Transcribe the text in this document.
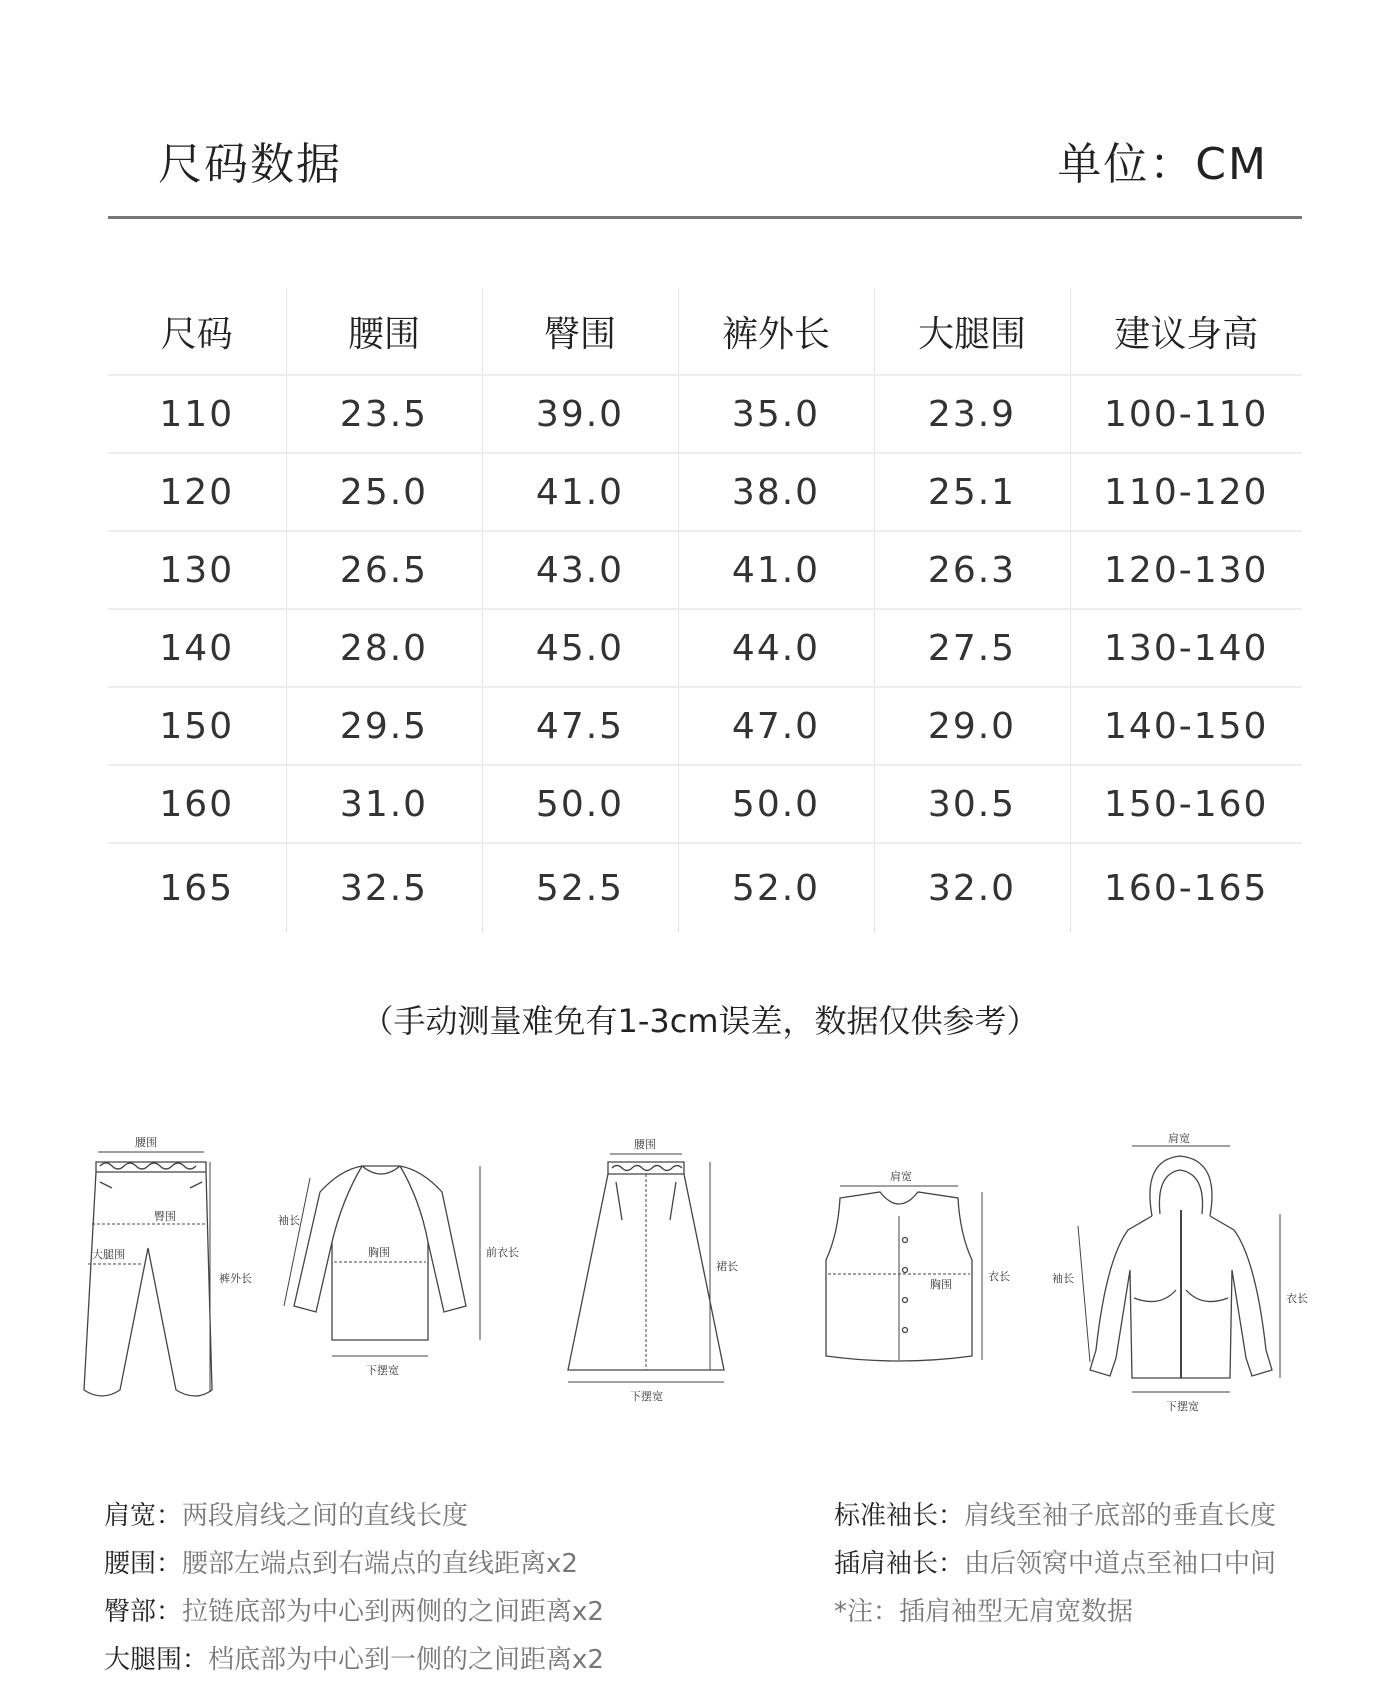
尺码数据	单位：CM
尺码	腰围	臀围	裤外长	大腿围	建议身高
110	23.5	39.0	35.0	23.9	100-110
120	25.0	41.0	38.0	25.1	110-120
130	26.5	43.0	41.0	26.3	120-130
140	28.0	45.0	44.0	27.5	130-140
150	29.5	47.5	47.0	29.0	140-150
160	31.0	50.0	50.0	30.5	150-160
165	32.5	52.5	52.0	32.0	160-165
（手动测量难免有1-3cm误差，数据仅供参考）
腰围
臀围
大腿围
裤外长
胸围
袖长
前衣长
下摆宽
腰围
裙长
下摆宽
肩宽
胸围
衣长
肩宽
袖长
衣长
下摆宽
肩宽：两段肩线之间的直线长度
腰围：腰部左端点到右端点的直线距离x2
臀部：拉链底部为中心到两侧的之间距离x2
大腿围：档底部为中心到一侧的之间距离x2
标准袖长：肩线至袖子底部的垂直长度
插肩袖长：由后领窝中道点至袖口中间
*注：插肩袖型无肩宽数据
